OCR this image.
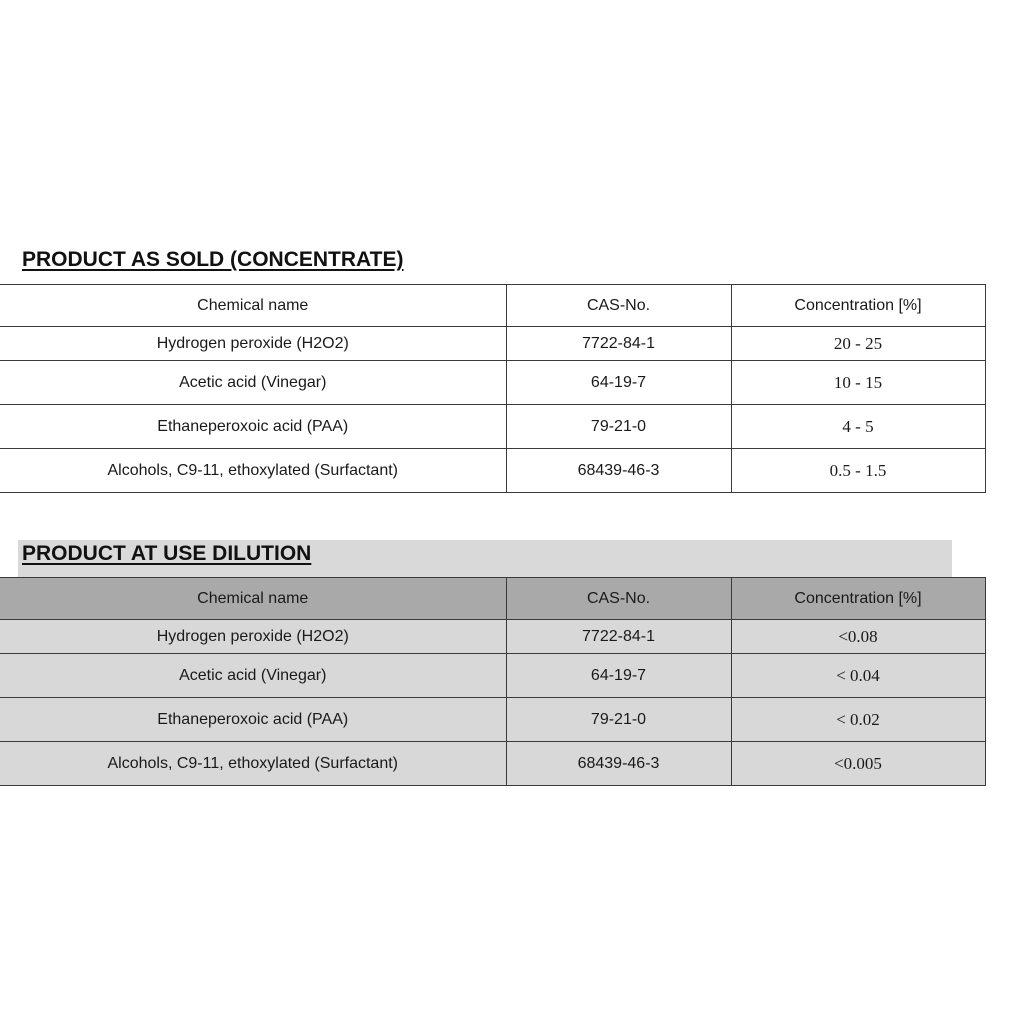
PRODUCT AS SOLD (CONCENTRATE)
Chemical name	CAS-No.	Concentration [%]
Hydrogen peroxide (H2O2)	7722-84-1	20 - 25
Acetic acid (Vinegar)	64-19-7	10 - 15
Ethaneperoxoic acid (PAA)	79-21-0	4 - 5
Alcohols, C9-11, ethoxylated (Surfactant)	68439-46-3	0.5 - 1.5
PRODUCT AT USE DILUTION
Chemical name	CAS-No.	Concentration [%]
Hydrogen peroxide (H2O2)	7722-84-1	<0.08
Acetic acid (Vinegar)	64-19-7	< 0.04
Ethaneperoxoic acid (PAA)	79-21-0	< 0.02
Alcohols, C9-11, ethoxylated (Surfactant)	68439-46-3	<0.005
